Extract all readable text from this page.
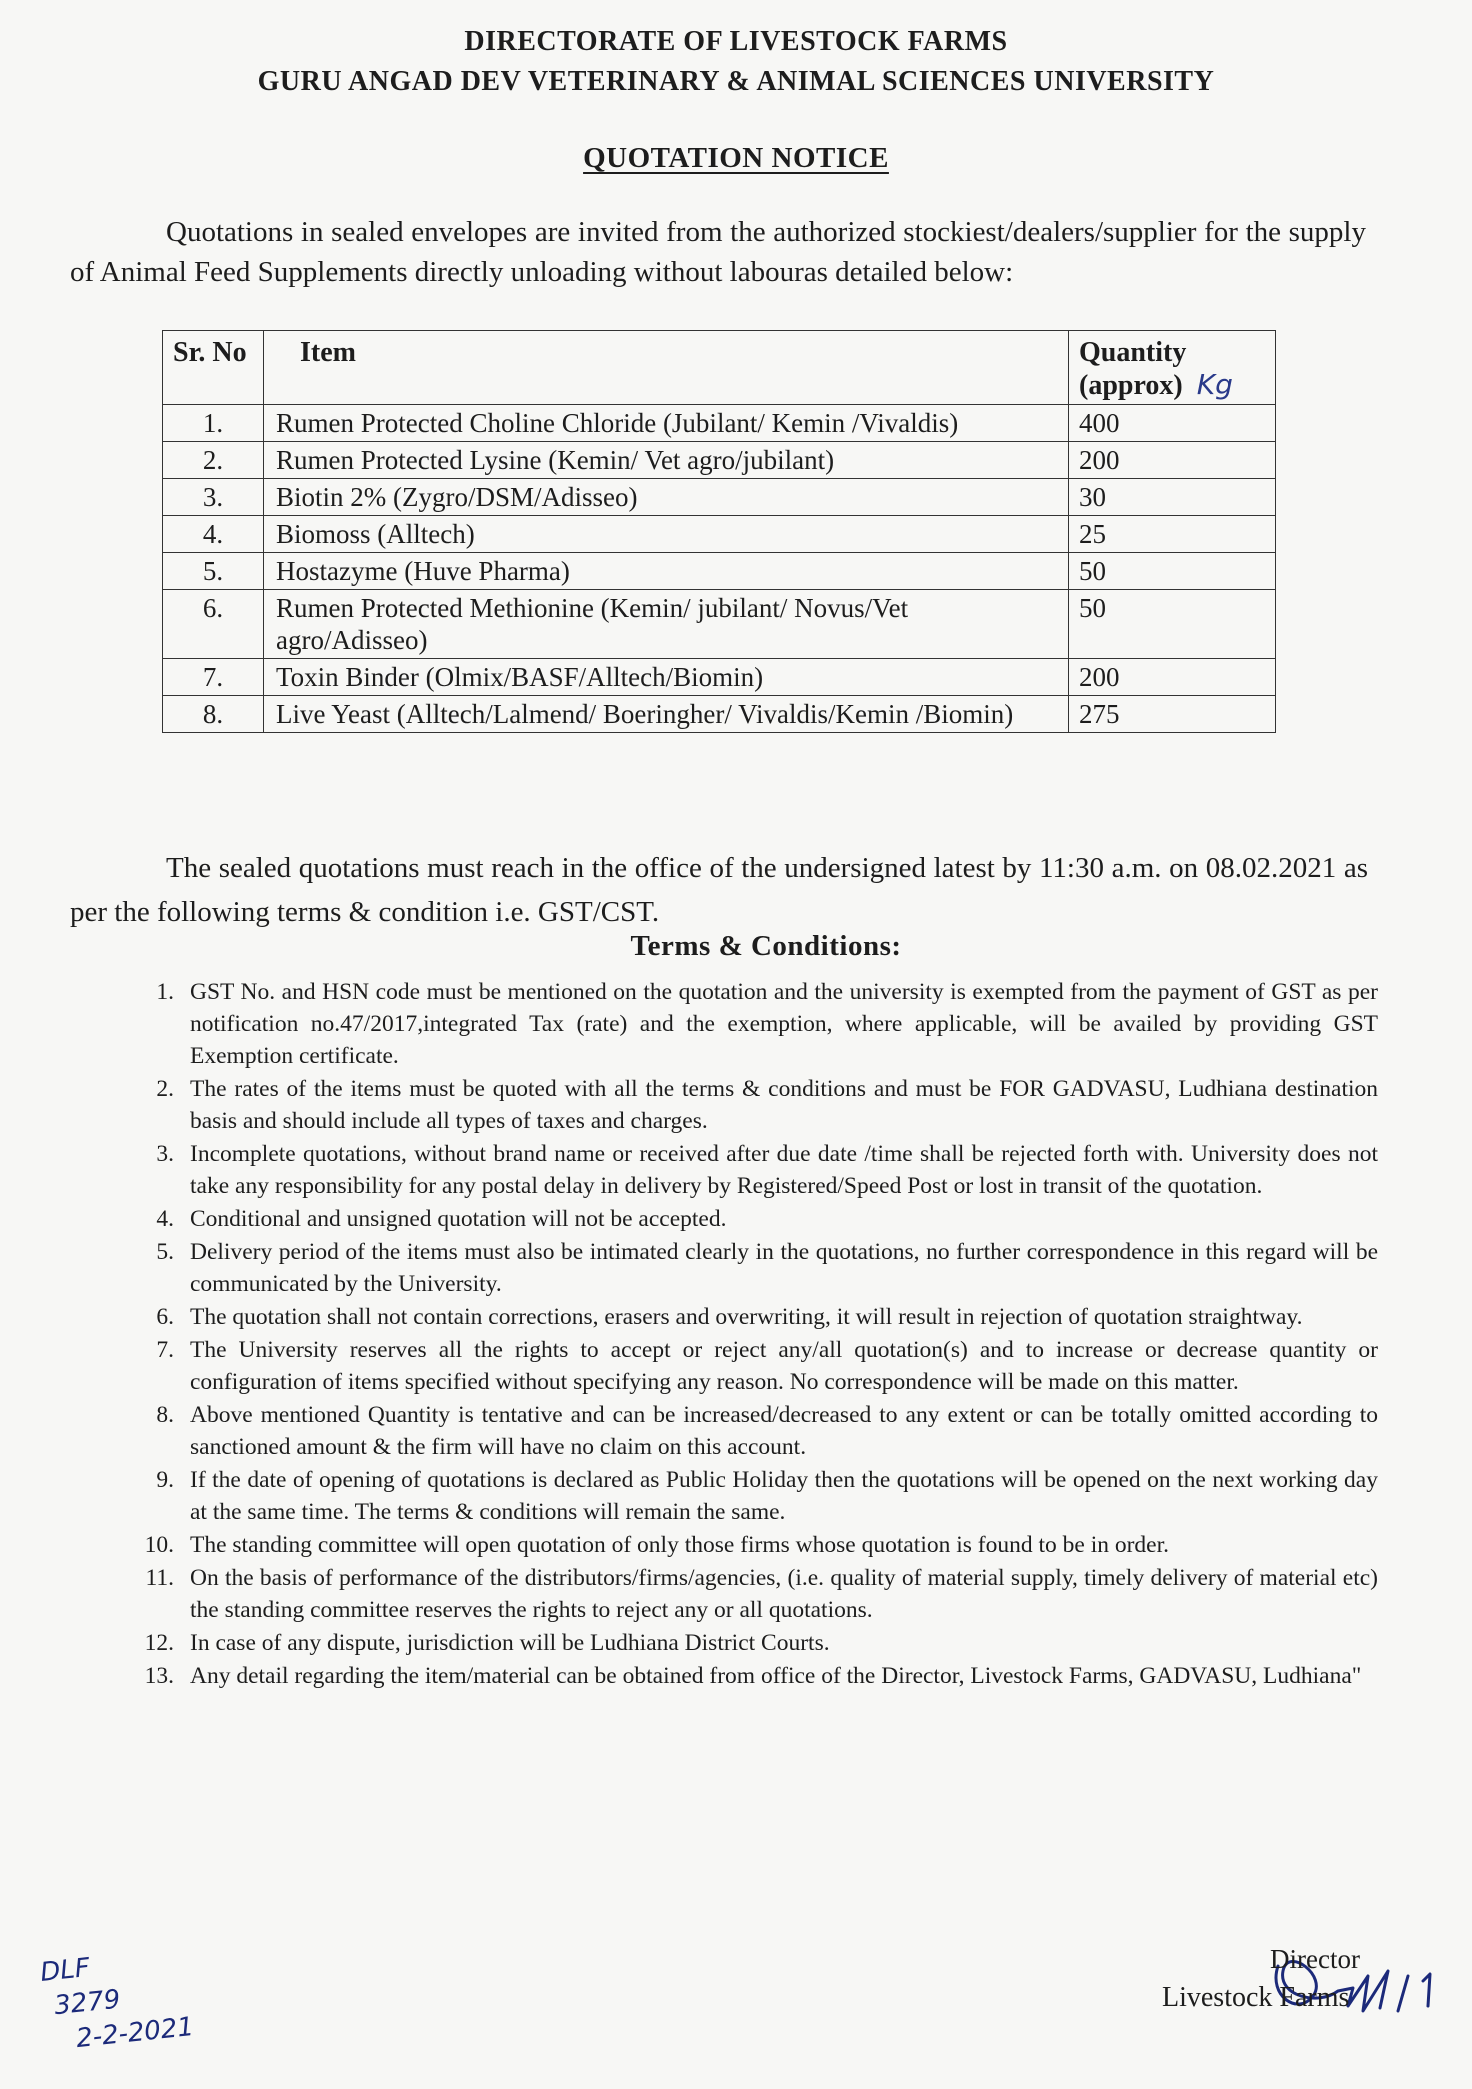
DIRECTORATE OF LIVESTOCK FARMS
GURU ANGAD DEV VETERINARY & ANIMAL SCIENCES UNIVERSITY
QUOTATION NOTICE
Quotations in sealed envelopes are invited from the authorized stockiest/dealers/supplier for the supply of Animal Feed Supplements directly unloading without labouras detailed below:
Sr. No	Item	Quantity (approx) Kg
1.	Rumen Protected Choline Chloride (Jubilant/ Kemin /Vivaldis)	400
2.	Rumen Protected Lysine (Kemin/ Vet agro/jubilant)	200
3.	Biotin 2% (Zygro/DSM/Adisseo)	30
4.	Biomoss (Alltech)	25
5.	Hostazyme (Huve Pharma)	50
6.	Rumen Protected Methionine (Kemin/ jubilant/ Novus/Vet agro/Adisseo)	50
7.	Toxin Binder (Olmix/BASF/Alltech/Biomin)	200
8.	Live Yeast (Alltech/Lalmend/ Boeringher/ Vivaldis/Kemin /Biomin)	275
The sealed quotations must reach in the office of the undersigned latest by 11:30 a.m. on 08.02.2021 as per the following terms & condition i.e. GST/CST.
Terms & Conditions:
1. GST No. and HSN code must be mentioned on the quotation and the university is exempted from the payment of GST as per notification no.47/2017,integrated Tax (rate) and the exemption, where applicable, will be availed by providing GST Exemption certificate.
2. The rates of the items must be quoted with all the terms & conditions and must be FOR GADVASU, Ludhiana destination basis and should include all types of taxes and charges.
3. Incomplete quotations, without brand name or received after due date /time shall be rejected forth with. University does not take any responsibility for any postal delay in delivery by Registered/Speed Post or lost in transit of the quotation.
4. Conditional and unsigned quotation will not be accepted.
5. Delivery period of the items must also be intimated clearly in the quotations, no further correspondence in this regard will be communicated by the University.
6. The quotation shall not contain corrections, erasers and overwriting, it will result in rejection of quotation straightway.
7. The University reserves all the rights to accept or reject any/all quotation(s) and to increase or decrease quantity or configuration of items specified without specifying any reason. No correspondence will be made on this matter.
8. Above mentioned Quantity is tentative and can be increased/decreased to any extent or can be totally omitted according to sanctioned amount & the firm will have no claim on this account.
9. If the date of opening of quotations is declared as Public Holiday then the quotations will be opened on the next working day at the same time. The terms & conditions will remain the same.
10. The standing committee will open quotation of only those firms whose quotation is found to be in order.
11. On the basis of performance of the distributors/firms/agencies, (i.e. quality of material supply, timely delivery of material etc) the standing committee reserves the rights to reject any or all quotations.
12. In case of any dispute, jurisdiction will be Ludhiana District Courts.
13. Any detail regarding the item/material can be obtained from office of the Director, Livestock Farms, GADVASU, Ludhiana"
Director
Livestock Farms
DLF
3279
2-2-2021
